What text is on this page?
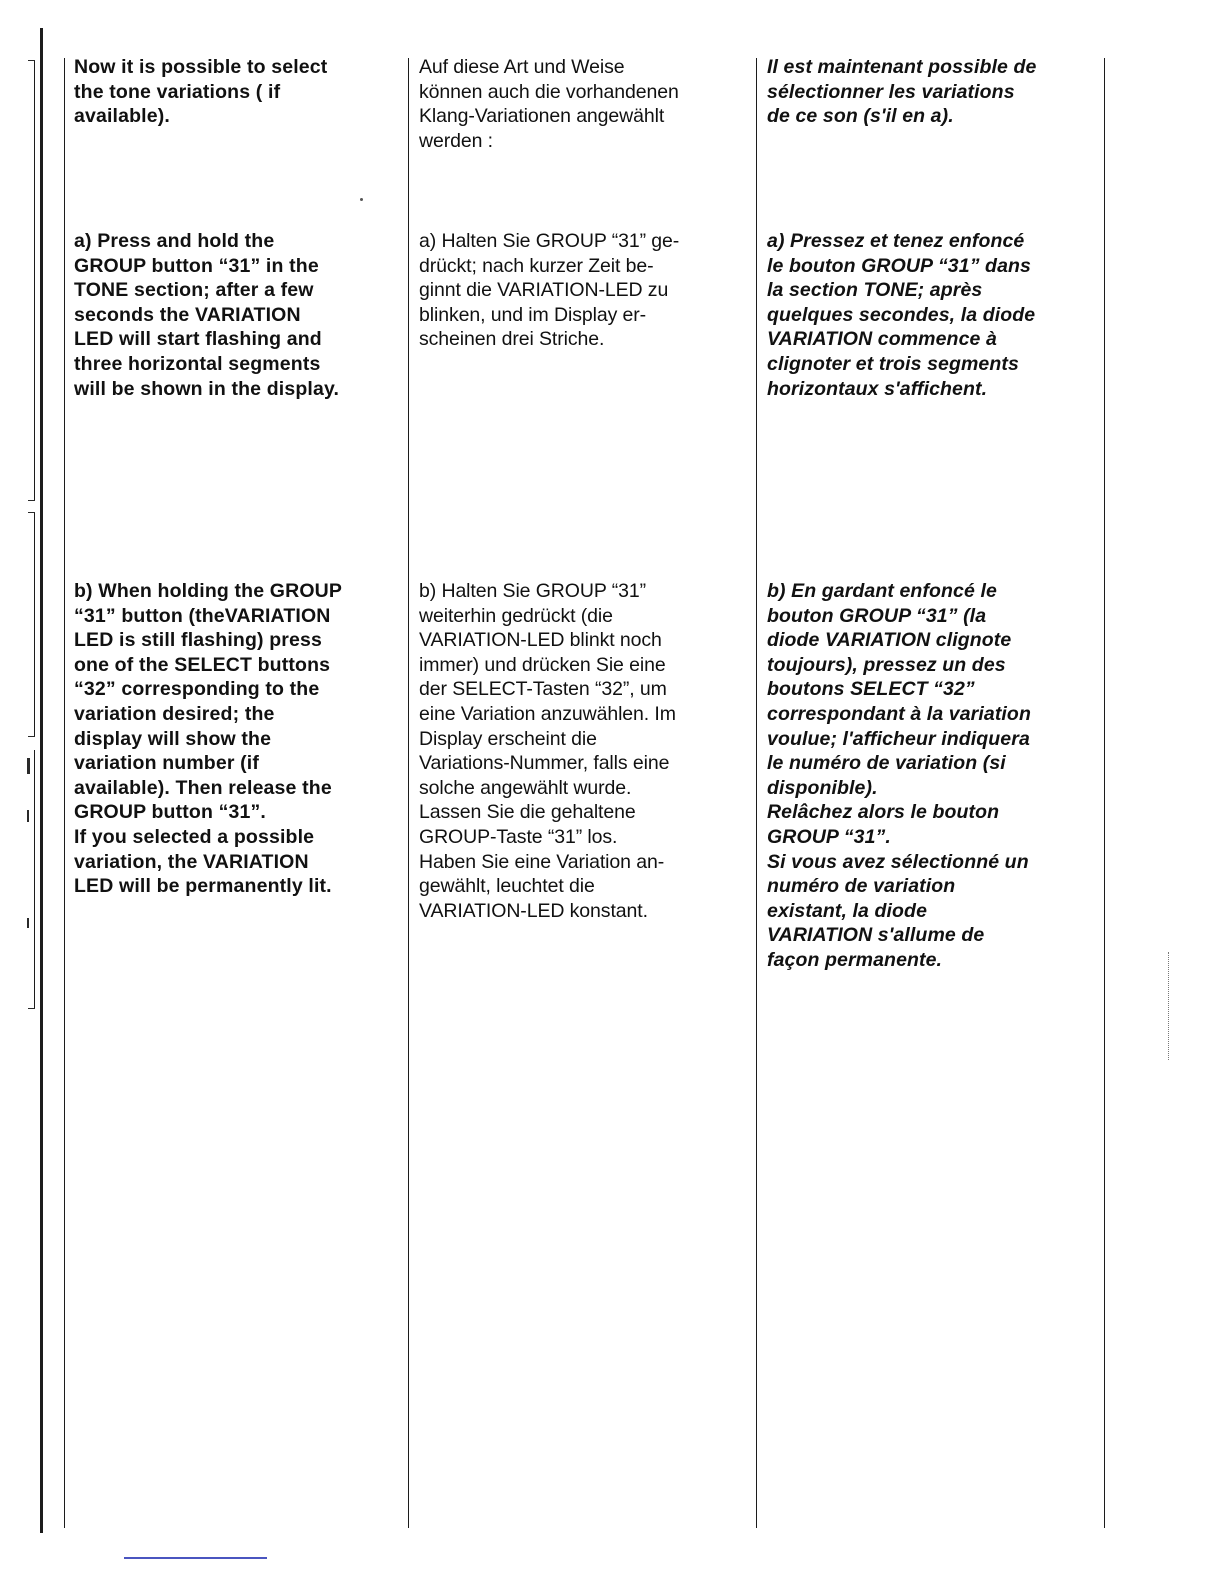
Now it is possible to select
the tone variations ( if
available).

a) Press and hold the
GROUP button “31” in the
TONE section; after a few
seconds the VARIATION
LED will start flashing and
three horizontal segments
will be shown in the display.

b) When holding the GROUP
“31” button (theVARIATION
LED is still flashing) press
one of the SELECT buttons
“32” corresponding to the
variation desired; the
display will show the
variation number (if
available). Then release the
GROUP button “31”.
If you selected a possible
variation, the VARIATION
LED will be permanently lit.

Auf diese Art und Weise
können auch die vorhandenen
Klang-Variationen angewählt
werden :

a) Halten Sie GROUP “31” ge-
drückt; nach kurzer Zeit be-
ginnt die VARIATION-LED zu
blinken, und im Display er-
scheinen drei Striche.

b) Halten Sie GROUP “31”
weiterhin gedrückt (die
VARIATION-LED blinkt noch
immer) und drücken Sie eine
der SELECT-Tasten “32”, um
eine Variation anzuwählen. Im
Display erscheint die
Variations-Nummer, falls eine
solche angewählt wurde.
Lassen Sie die gehaltene
GROUP-Taste “31” los.
Haben Sie eine Variation an-
gewählt, leuchtet die
VARIATION-LED konstant.

Il est maintenant possible de
sélectionner les variations
de ce son (s'il en a).

a) Pressez et tenez enfoncé
le bouton GROUP “31” dans
la section TONE; après
quelques secondes, la diode
VARIATION commence à
clignoter et trois segments
horizontaux s'affichent.

b) En gardant enfoncé le
bouton GROUP “31” (la
diode VARIATION clignote
toujours), pressez un des
boutons SELECT “32”
correspondant à la variation
voulue; l'afficheur indiquera
le numéro de variation (si
disponible).
Relâchez alors le bouton
GROUP “31”.
Si vous avez sélectionné un
numéro de variation
existant, la diode
VARIATION s'allume de
façon permanente.
